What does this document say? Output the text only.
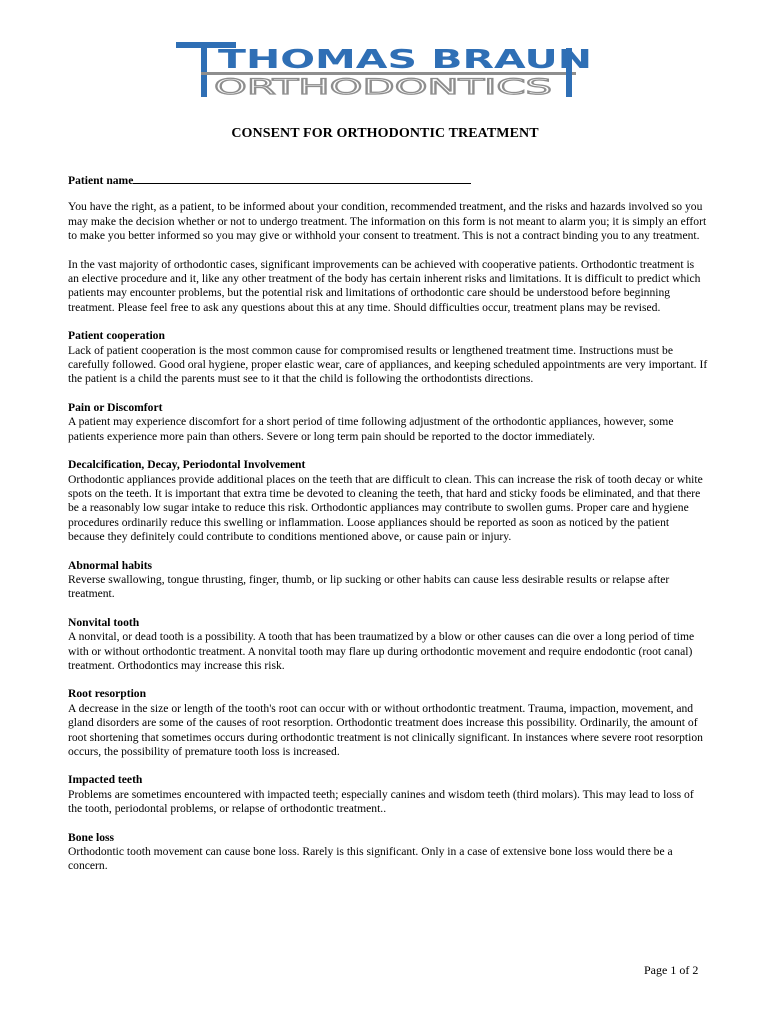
THOMAS BRAUN
ORTHODONTICS
CONSENT FOR ORTHODONTIC TREATMENT
Patient name

You have the right, as a patient, to be informed about your condition, recommended treatment, and the risks and hazards involved so you may make the decision whether or not to undergo treatment. The information on this form is not meant to alarm you; it is simply an effort to make you better informed so you may give or withhold your consent to treatment. This is not a contract binding you to any treatment.

In the vast majority of orthodontic cases, significant improvements can be achieved with cooperative patients. Orthodontic treatment is an elective procedure and it, like any other treatment of the body has certain inherent risks and limitations. It is difficult to predict which patients may encounter problems, but the potential risk and limitations of orthodontic care should be understood before beginning treatment. Please feel free to ask any questions about this at any time. Should difficulties occur, treatment plans may be revised.

Patient cooperation
Lack of patient cooperation is the most common cause for compromised results or lengthened treatment time. Instructions must be carefully followed. Good oral hygiene, proper elastic wear, care of appliances, and keeping scheduled appointments are very important. If the patient is a child the parents must see to it that the child is following the orthodontists directions.
Pain or Discomfort
A patient may experience discomfort for a short period of time following adjustment of the orthodontic appliances, however, some patients experience more pain than others. Severe or long term pain should be reported to the doctor immediately.
Decalcification, Decay, Periodontal Involvement
Orthodontic appliances provide additional places on the teeth that are difficult to clean. This can increase the risk of tooth decay or white spots on the teeth. It is important that extra time be devoted to cleaning the teeth, that hard and sticky foods be eliminated, and that there be a reasonably low sugar intake to reduce this risk. Orthodontic appliances may contribute to swollen gums. Proper care and hygiene procedures ordinarily reduce this swelling or inflammation. Loose appliances should be reported as soon as noticed by the patient because they definitely could contribute to conditions mentioned above, or cause pain or injury.
Abnormal habits
Reverse swallowing, tongue thrusting, finger, thumb, or lip sucking or other habits can cause less desirable results or relapse after treatment.
Nonvital tooth
A nonvital, or dead tooth is a possibility. A tooth that has been traumatized by a blow or other causes can die over a long period of time with or without orthodontic treatment. A nonvital tooth may flare up during orthodontic movement and require endodontic (root canal) treatment. Orthodontics may increase this risk.
Root resorption
A decrease in the size or length of the tooth's root can occur with or without orthodontic treatment. Trauma, impaction, movement, and gland disorders are some of the causes of root resorption. Orthodontic treatment does increase this possibility. Ordinarily, the amount of root shortening that sometimes occurs during orthodontic treatment is not clinically significant. In instances where severe root resorption occurs, the possibility of premature tooth loss is increased.
Impacted teeth
Problems are sometimes encountered with impacted teeth; especially canines and wisdom teeth (third molars). This may lead to loss of the tooth, periodontal problems, or relapse of orthodontic treatment..
Bone loss
Orthodontic tooth movement can cause bone loss. Rarely is this significant. Only in a case of extensive bone loss would there be a concern.
Page 1 of 2
